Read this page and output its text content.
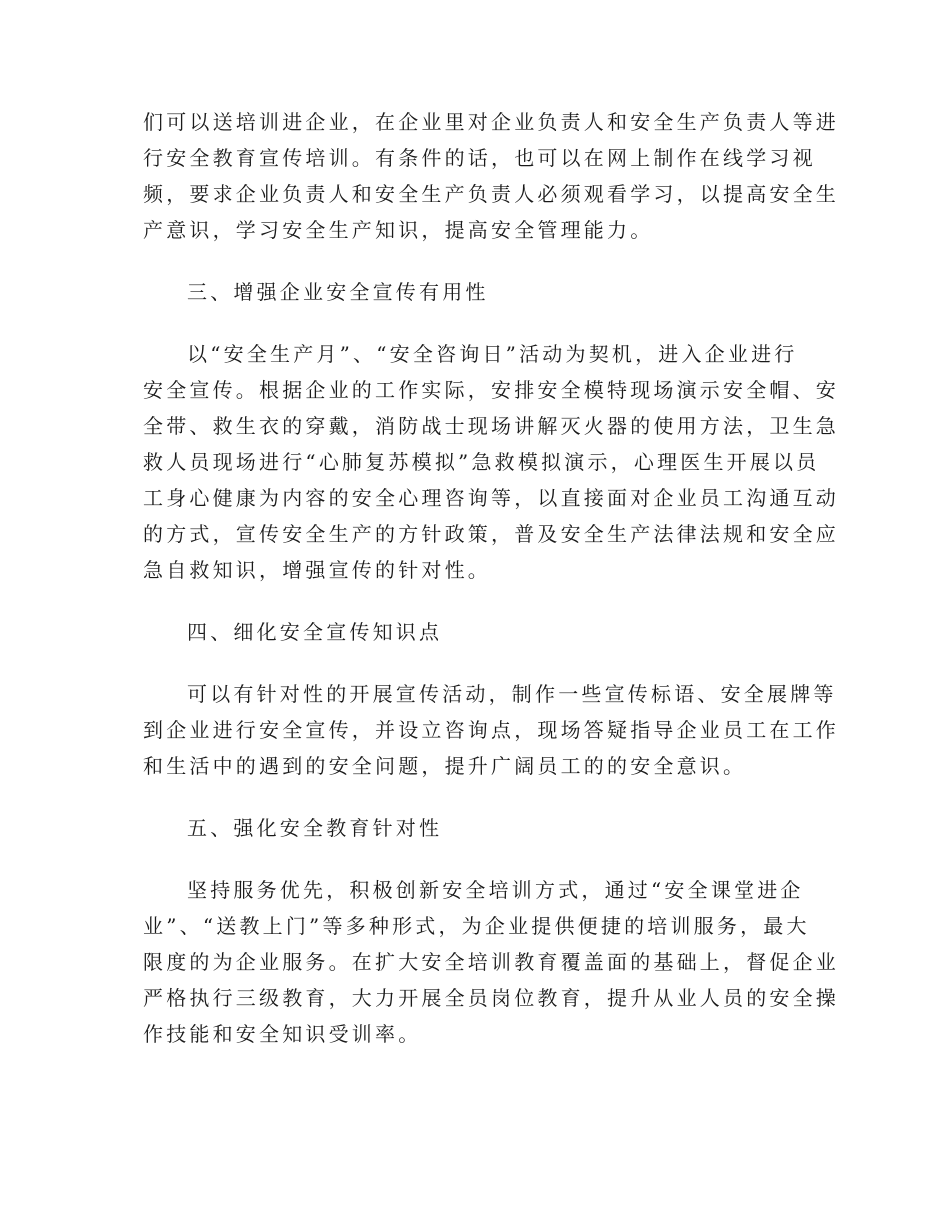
们可以送培训进企业，在企业里对企业负责人和安全生产负责人等进
行安全教育宣传培训。有条件的话，也可以在网上制作在线学习视
频，要求企业负责人和安全生产负责人必须观看学习，以提高安全生
产意识，学习安全生产知识，提高安全管理能力。
三、增强企业安全宣传有用性
以“安全生产月”、“安全咨询日”活动为契机，进入企业进行
安全宣传。根据企业的工作实际，安排安全模特现场演示安全帽、安
全带、救生衣的穿戴，消防战士现场讲解灭火器的使用方法，卫生急
救人员现场进行“心肺复苏模拟”急救模拟演示，心理医生开展以员
工身心健康为内容的安全心理咨询等，以直接面对企业员工沟通互动
的方式，宣传安全生产的方针政策，普及安全生产法律法规和安全应
急自救知识，增强宣传的针对性。
四、细化安全宣传知识点
可以有针对性的开展宣传活动，制作一些宣传标语、安全展牌等
到企业进行安全宣传，并设立咨询点，现场答疑指导企业员工在工作
和生活中的遇到的安全问题，提升广阔员工的的安全意识。
五、强化安全教育针对性
坚持服务优先，积极创新安全培训方式，通过“安全课堂进企
业”、“送教上门”等多种形式，为企业提供便捷的培训服务，最大
限度的为企业服务。在扩大安全培训教育覆盖面的基础上，督促企业
严格执行三级教育，大力开展全员岗位教育，提升从业人员的安全操
作技能和安全知识受训率。
